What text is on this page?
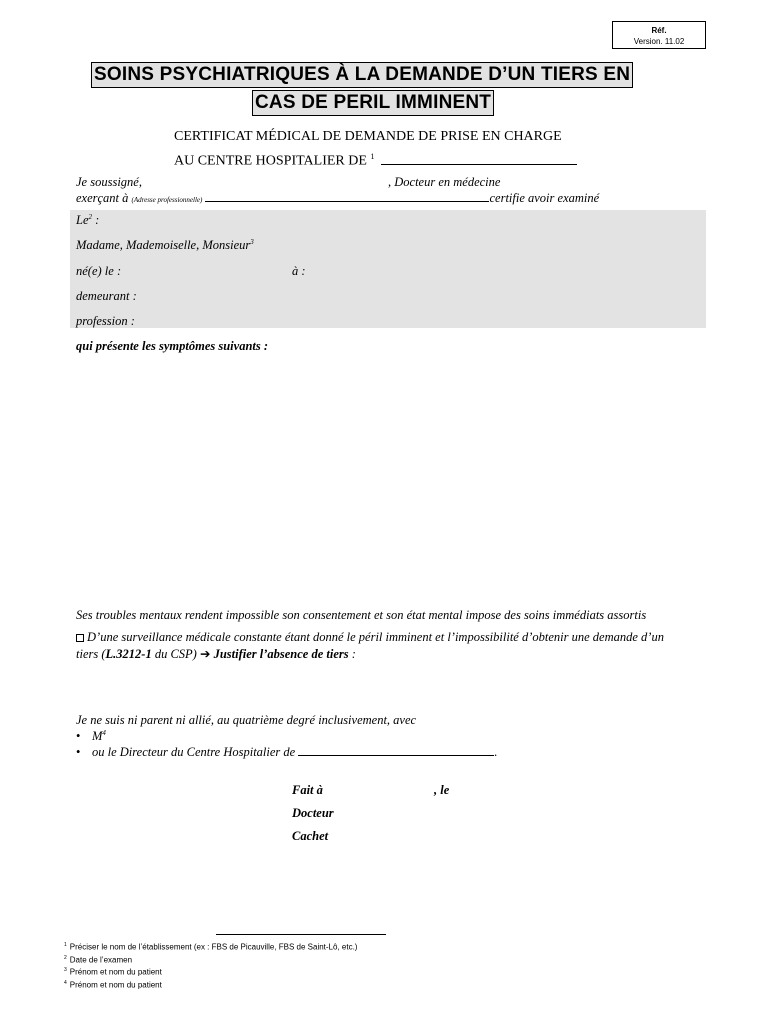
Réf.
Version. 11.02
SOINS PSYCHIATRIQUES À LA DEMANDE D’UN TIERS EN
CAS DE PERIL IMMINENT
CERTIFICAT MÉDICAL DE DEMANDE DE PRISE EN CHARGE
AU CENTRE HOSPITALIER DE $^1$
Je soussigné,	, Docteur en médecine
exerçant à (Adresse professionnelle)	certifie avoir examiné
Le$^2$ :
Madame, Mademoiselle, Monsieur$^3$
né(e) le :	à :
demeurant :
profession :
qui présente les symptômes suivants :
Ses troubles mentaux rendent impossible son consentement et son état mental impose des soins immédiats assortis
D’une surveillance médicale constante étant donné le péril imminent et l’impossibilité d’obtenir une demande d’un
tiers (L.3212-1 du CSP) ➔ Justifier l’absence de tiers :
Je ne suis ni parent ni allié, au quatrième degré inclusivement, avec
• $M^4$
• ou le Directeur du Centre Hospitalier de	.
Fait à	, le
Docteur
Cachet
$^1$ Préciser le nom de l’établissement (ex : FBS de Picauville, FBS de Saint-Lô, etc.)
$^2$ Date de l’examen
$^3$ Prénom et nom du patient
$^4$ Prénom et nom du patient
